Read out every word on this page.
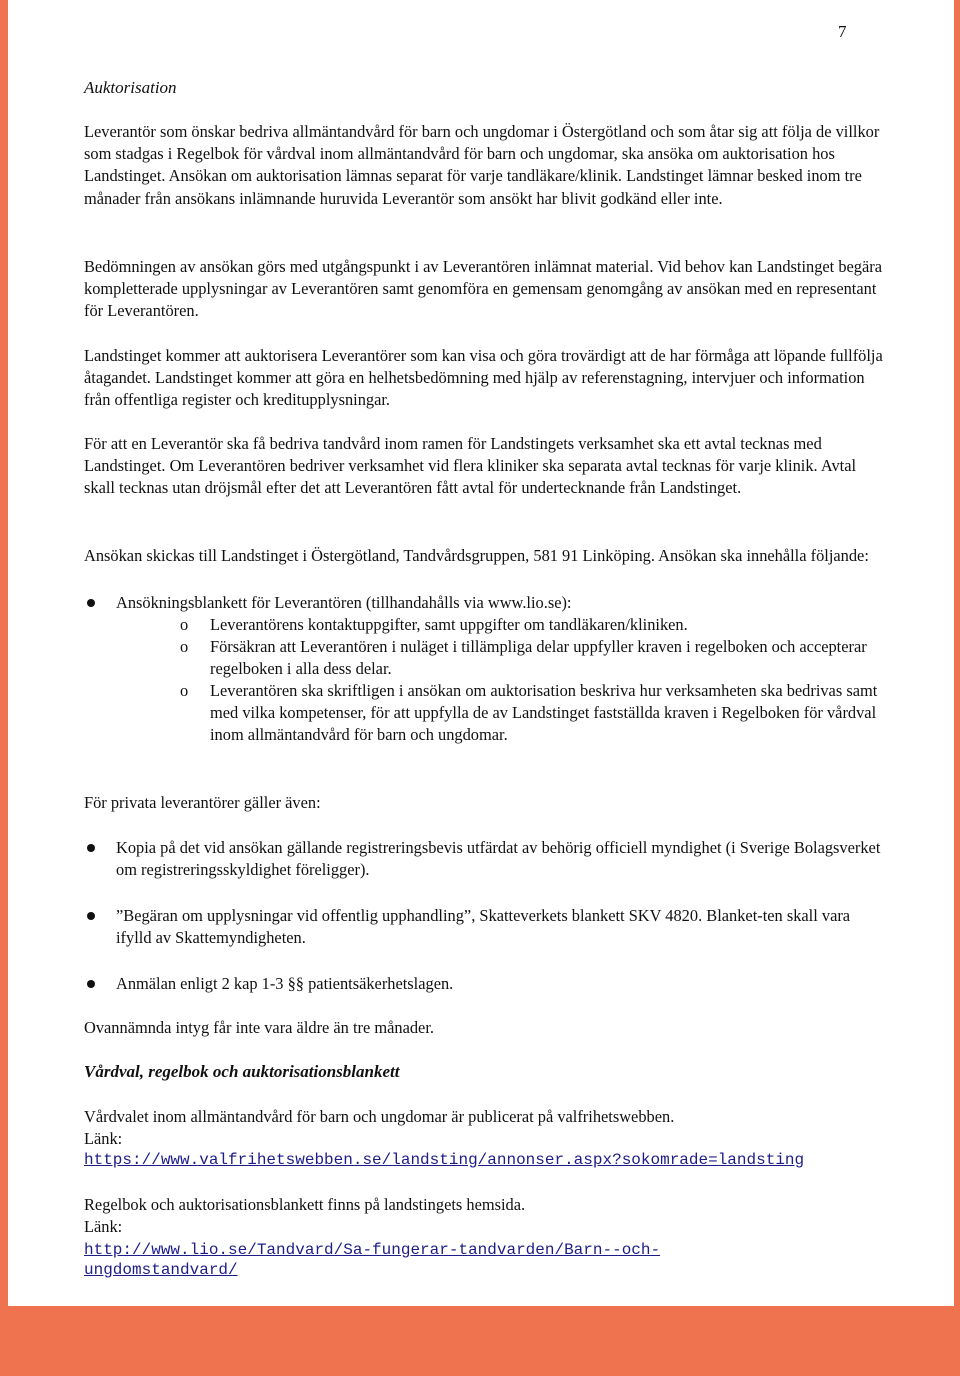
7
Auktorisation

Leverantör som önskar bedriva allmäntandvård för barn och ungdomar i Östergötland och som åtar sig att följa de villkor som stadgas i Regelbok för vårdval inom allmäntandvård för barn och ungdomar, ska ansöka om auktorisation hos Landstinget. Ansökan om auktorisation lämnas separat för varje tandläkare/klinik. Landstinget lämnar besked inom tre månader från ansökans inlämnande huruvida Leverantör som ansökt har blivit godkänd eller inte.

Bedömningen av ansökan görs med utgångspunkt i av Leverantören inlämnat material. Vid behov kan Landstinget begära kompletterade upplysningar av Leverantören samt genomföra en gemensam genomgång av ansökan med en representant för Leverantören.

Landstinget kommer att auktorisera Leverantörer som kan visa och göra trovärdigt att de har förmåga att löpande fullfölja åtagandet. Landstinget kommer att göra en helhetsbedömning med hjälp av referenstagning, intervjuer och information från offentliga register och kreditupplysningar.

För att en Leverantör ska få bedriva tandvård inom ramen för Landstingets verksamhet ska ett avtal tecknas med Landstinget. Om Leverantören bedriver verksamhet vid flera kliniker ska separata avtal tecknas för varje klinik. Avtal skall tecknas utan dröjsmål efter det att Leverantören fått avtal för undertecknande från Landstinget.

Ansökan skickas till Landstinget i Östergötland, Tandvårdsgruppen, 581 91 Linköping. Ansökan ska innehålla följande:

Ansökningsblankett för Leverantören (tillhandahålls via www.lio.se):
o Leverantörens kontaktuppgifter, samt uppgifter om tandläkaren/kliniken.
o Försäkran att Leverantören i nuläget i tillämpliga delar uppfyller kraven i regelboken och accepterar regelboken i alla dess delar.
o Leverantören ska skriftligen i ansökan om auktorisation beskriva hur verksamheten ska bedrivas samt med vilka kompetenser, för att uppfylla de av Landstinget fastställda kraven i Regelboken för vårdval inom allmäntandvård för barn och ungdomar.

För privata leverantörer gäller även:

Kopia på det vid ansökan gällande registreringsbevis utfärdat av behörig officiell myndighet (i Sverige Bolagsverket om registreringsskyldighet föreligger).
”Begäran om upplysningar vid offentlig upphandling”, Skatteverkets blankett SKV 4820. Blanket-ten skall vara ifylld av Skattemyndigheten.
Anmälan enligt 2 kap 1-3 §§ patientsäkerhetslagen.

Ovannämnda intyg får inte vara äldre än tre månader.

Vårdval, regelbok och auktorisationsblankett

Vårdvalet inom allmäntandvård för barn och ungdomar är publicerat på valfrihetswebben.

Länk:

https://www.valfrihetswebben.se/landsting/annonser.aspx?sokomrade=landsting

Regelbok och auktorisationsblankett finns på landstingets hemsida.

Länk:

http://www.lio.se/Tandvard/Sa-fungerar-tandvarden/Barn--och-
ungdomstandvard/
